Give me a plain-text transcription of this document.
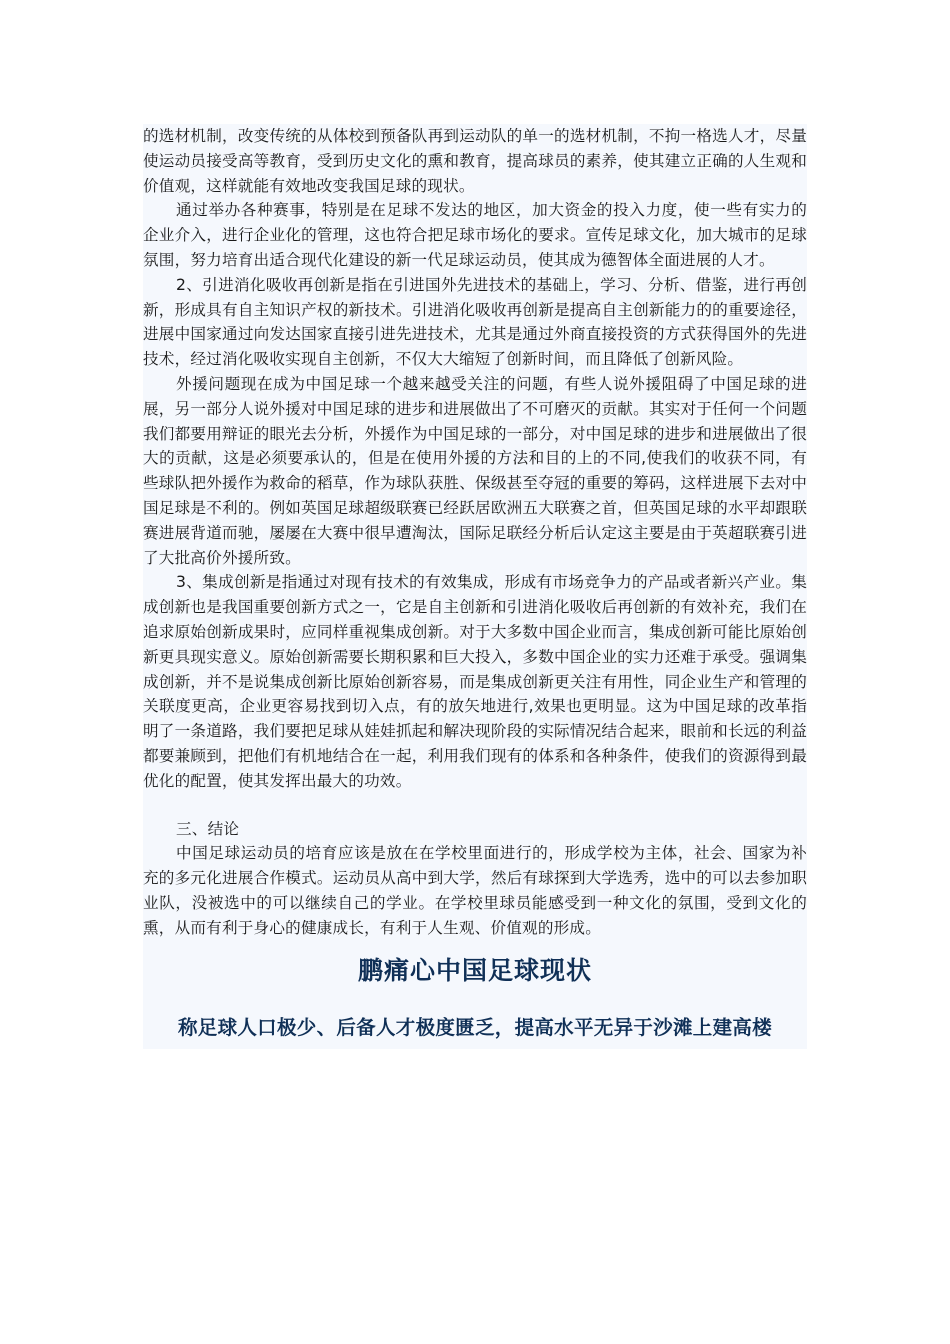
的选材机制，改变传统的从体校到预备队再到运动队的单一的选材机制，不拘一格选人才，尽量使运动员接受高等教育，受到历史文化的熏和教育，提高球员的素养，使其建立正确的人生观和价值观，这样就能有效地改变我国足球的现状。

通过举办各种赛事，特别是在足球不发达的地区，加大资金的投入力度，使一些有实力的企业介入，进行企业化的管理，这也符合把足球市场化的要求。宣传足球文化，加大城市的足球氛围，努力培育出适合现代化建设的新一代足球运动员，使其成为德智体全面进展的人才。

2、引进消化吸收再创新是指在引进国外先进技术的基础上，学习、分析、借鉴，进行再创新，形成具有自主知识产权的新技术。引进消化吸收再创新是提高自主创新能力的的重要途径，进展中国家通过向发达国家直接引进先进技术，尤其是通过外商直接投资的方式获得国外的先进技术，经过消化吸收实现自主创新，不仅大大缩短了创新时间，而且降低了创新风险。

外援问题现在成为中国足球一个越来越受关注的问题，有些人说外援阻碍了中国足球的进展，另一部分人说外援对中国足球的进步和进展做出了不可磨灭的贡献。其实对于任何一个问题我们都要用辩证的眼光去分析，外援作为中国足球的一部分，对中国足球的进步和进展做出了很大的贡献，这是必须要承认的，但是在使用外援的方法和目的上的不同,使我们的收获不同，有些球队把外援作为救命的稻草，作为球队获胜、保级甚至夺冠的重要的筹码，这样进展下去对中国足球是不利的。例如英国足球超级联赛已经跃居欧洲五大联赛之首，但英国足球的水平却跟联赛进展背道而驰，屡屡在大赛中很早遭淘汰，国际足联经分析后认定这主要是由于英超联赛引进了大批高价外援所致。

3、集成创新是指通过对现有技术的有效集成，形成有市场竞争力的产品或者新兴产业。集成创新也是我国重要创新方式之一，它是自主创新和引进消化吸收后再创新的有效补充，我们在追求原始创新成果时，应同样重视集成创新。对于大多数中国企业而言，集成创新可能比原始创新更具现实意义。原始创新需要长期积累和巨大投入，多数中国企业的实力还难于承受。强调集成创新，并不是说集成创新比原始创新容易，而是集成创新更关注有用性，同企业生产和管理的关联度更高，企业更容易找到切入点，有的放矢地进行,效果也更明显。这为中国足球的改革指明了一条道路，我们要把足球从娃娃抓起和解决现阶段的实际情况结合起来，眼前和长远的利益都要兼顾到，把他们有机地结合在一起，利用我们现有的体系和各种条件，使我们的资源得到最优化的配置，使其发挥出最大的功效。

三、结论

中国足球运动员的培育应该是放在在学校里面进行的，形成学校为主体，社会、国家为补充的多元化进展合作模式。运动员从高中到大学，然后有球探到大学选秀，选中的可以去参加职业队，没被选中的可以继续自己的学业。在学校里球员能感受到一种文化的氛围，受到文化的熏，从而有利于身心的健康成长，有利于人生观、价值观的形成。

鹏痛心中国足球现状
称足球人口极少、后备人才极度匮乏，提高水平无异于沙滩上建高楼
